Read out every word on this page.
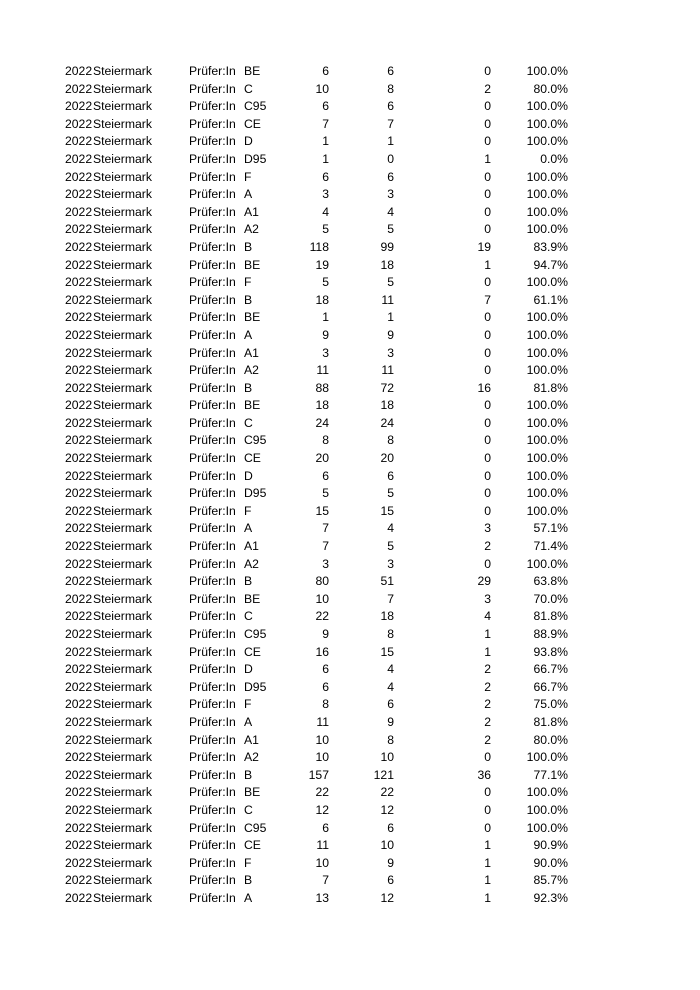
2022 Steiermark	Prüfer:In BE	6	6	0	100.0%
2022 Steiermark	Prüfer:In C	10	8	2	80.0%
2022 Steiermark	Prüfer:In C95	6	6	0	100.0%
2022 Steiermark	Prüfer:In CE	7	7	0	100.0%
2022 Steiermark	Prüfer:In D	1	1	0	100.0%
2022 Steiermark	Prüfer:In D95	1	0	1	0.0%
2022 Steiermark	Prüfer:In F	6	6	0	100.0%
2022 Steiermark	Prüfer:In A	3	3	0	100.0%
2022 Steiermark	Prüfer:In A1	4	4	0	100.0%
2022 Steiermark	Prüfer:In A2	5	5	0	100.0%
2022 Steiermark	Prüfer:In B	118	99	19	83.9%
2022 Steiermark	Prüfer:In BE	19	18	1	94.7%
2022 Steiermark	Prüfer:In F	5	5	0	100.0%
2022 Steiermark	Prüfer:In B	18	11	7	61.1%
2022 Steiermark	Prüfer:In BE	1	1	0	100.0%
2022 Steiermark	Prüfer:In A	9	9	0	100.0%
2022 Steiermark	Prüfer:In A1	3	3	0	100.0%
2022 Steiermark	Prüfer:In A2	11	11	0	100.0%
2022 Steiermark	Prüfer:In B	88	72	16	81.8%
2022 Steiermark	Prüfer:In BE	18	18	0	100.0%
2022 Steiermark	Prüfer:In C	24	24	0	100.0%
2022 Steiermark	Prüfer:In C95	8	8	0	100.0%
2022 Steiermark	Prüfer:In CE	20	20	0	100.0%
2022 Steiermark	Prüfer:In D	6	6	0	100.0%
2022 Steiermark	Prüfer:In D95	5	5	0	100.0%
2022 Steiermark	Prüfer:In F	15	15	0	100.0%
2022 Steiermark	Prüfer:In A	7	4	3	57.1%
2022 Steiermark	Prüfer:In A1	7	5	2	71.4%
2022 Steiermark	Prüfer:In A2	3	3	0	100.0%
2022 Steiermark	Prüfer:In B	80	51	29	63.8%
2022 Steiermark	Prüfer:In BE	10	7	3	70.0%
2022 Steiermark	Prüfer:In C	22	18	4	81.8%
2022 Steiermark	Prüfer:In C95	9	8	1	88.9%
2022 Steiermark	Prüfer:In CE	16	15	1	93.8%
2022 Steiermark	Prüfer:In D	6	4	2	66.7%
2022 Steiermark	Prüfer:In D95	6	4	2	66.7%
2022 Steiermark	Prüfer:In F	8	6	2	75.0%
2022 Steiermark	Prüfer:In A	11	9	2	81.8%
2022 Steiermark	Prüfer:In A1	10	8	2	80.0%
2022 Steiermark	Prüfer:In A2	10	10	0	100.0%
2022 Steiermark	Prüfer:In B	157	121	36	77.1%
2022 Steiermark	Prüfer:In BE	22	22	0	100.0%
2022 Steiermark	Prüfer:In C	12	12	0	100.0%
2022 Steiermark	Prüfer:In C95	6	6	0	100.0%
2022 Steiermark	Prüfer:In CE	11	10	1	90.9%
2022 Steiermark	Prüfer:In F	10	9	1	90.0%
2022 Steiermark	Prüfer:In B	7	6	1	85.7%
2022 Steiermark	Prüfer:In A	13	12	1	92.3%
